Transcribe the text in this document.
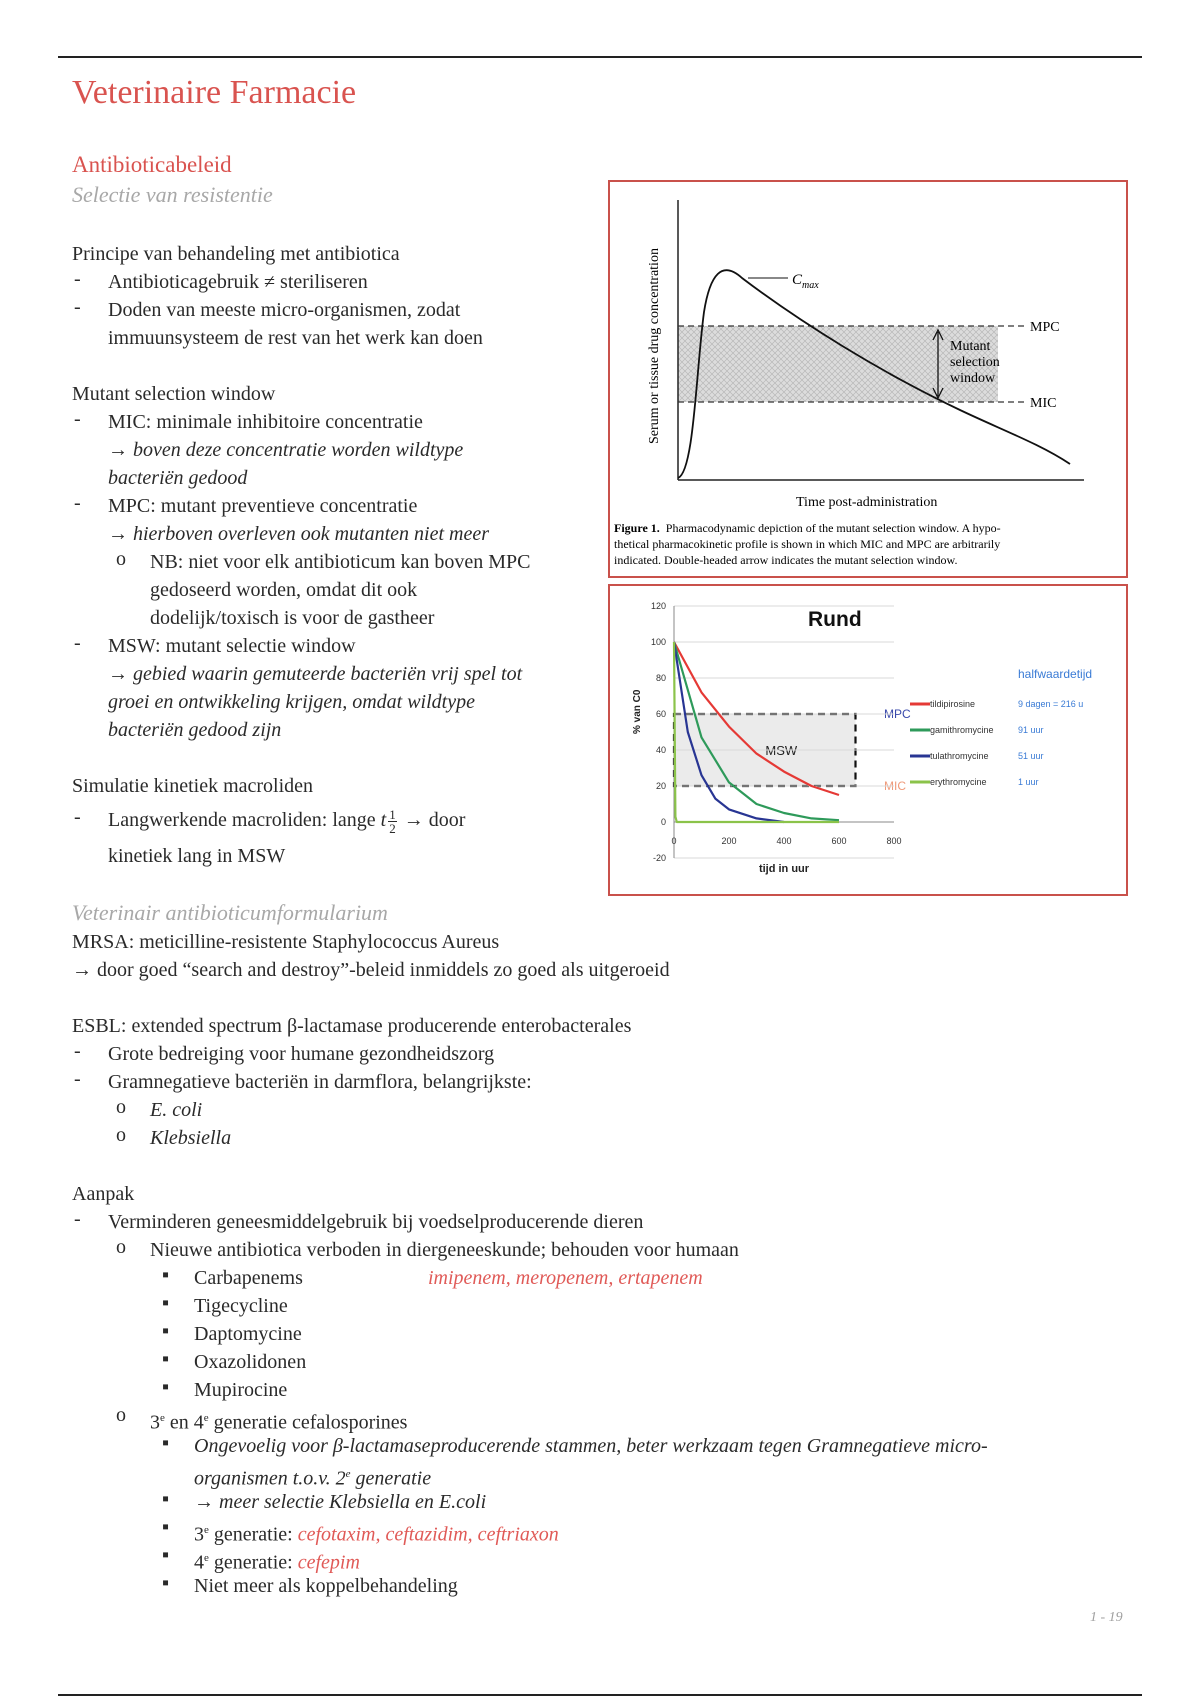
Veterinaire Farmacie
Antibioticabeleid
Selectie van resistentie
Principe van behandeling met antibiotica
- Antibioticagebruik ≠ steriliseren
- Doden van meeste micro-organismen, zodat
immuunsysteem de rest van het werk kan doen
Mutant selection window
- MIC: minimale inhibitoire concentratie
→ boven deze concentratie worden wildtype
bacteriën gedood
- MPC: mutant preventieve concentratie
→ hierboven overleven ook mutanten niet meer
o NB: niet voor elk antibioticum kan boven MPC
gedoseerd worden, omdat dit ook
dodelijk/toxisch is voor de gastheer
- MSW: mutant selectie window
→ gebied waarin gemuteerde bacteriën vrij spel tot
groei en ontwikkeling krijgen, omdat wildtype
bacteriën gedood zijn
Simulatie kinetiek macroliden
- Langwerkende macroliden: lange t $\frac{1}{2}$ → door
kinetiek lang in MSW
$C_{max}$
Mutant
selection
window
MPC
MIC
Serum or tissue drug concentration
Time post-administration
Figure 1. Pharmacodynamic depiction of the mutant selection window. A hypo-
thetical pharmacokinetic profile is shown in which MIC and MPC are arbitrarily
indicated. Double-headed arrow indicates the mutant selection window.
MSW
Rund
% van C0
tijd in uur
MPC
MIC
halfwaardetijd
-20
0
20
40
60
80
100
120
0	200	400	600	800
tildipirosine	9 dagen = 216 u
gamithromycine	91 uur
tulathromycine	51 uur
erythromycine	1 uur
Veterinair antibioticumformularium
MRSA: meticilline-resistente Staphylococcus Aureus
→ door goed “search and destroy”-beleid inmiddels zo goed als uitgeroeid
ESBL: extended spectrum β-lactamase producerende enterobacterales
- Grote bedreiging voor humane gezondheidszorg
- Gramnegatieve bacteriën in darmflora, belangrijkste:
o E. coli
o Klebsiella
Aanpak
- Verminderen geneesmiddelgebruik bij voedselproducerende dieren
o Nieuwe antibiotica verboden in diergeneeskunde; behouden voor humaan
▪ Carbapenems	imipenem, meropenem, ertapenem
▪ Tigecycline
▪ Daptomycine
▪ Oxazolidonen
▪ Mupirocine
o 3e en 4e generatie cefalosporines
▪ Ongevoelig voor β-lactamaseproducerende stammen, beter werkzaam tegen Gramnegatieve micro-
organismen t.o.v. 2e generatie
▪ → meer selectie Klebsiella en E.coli
▪ 3e generatie: cefotaxim, ceftazidim, ceftriaxon
▪ 4e generatie: cefepim
▪ Niet meer als koppelbehandeling
1 - 19
